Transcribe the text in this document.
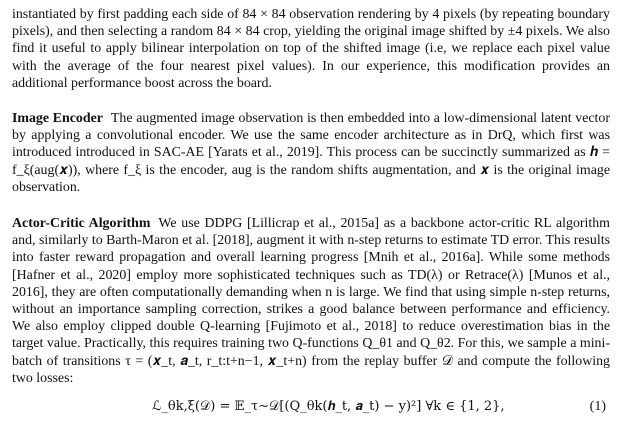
instantiated by first padding each side of 84 × 84 observation rendering by 4 pixels (by repeating boundary pixels), and then selecting a random 84 × 84 crop, yielding the original image shifted by ±4 pixels. We also find it useful to apply bilinear interpolation on top of the shifted image (i.e, we replace each pixel value with the average of the four nearest pixel values). In our experience, this modification provides an additional performance boost across the board.

Image Encoder The augmented image observation is then embedded into a low-dimensional latent vector by applying a convolutional encoder. We use the same encoder architecture as in DrQ, which first was introduced introduced in SAC-AE [Yarats et al., 2019]. This process can be succinctly summarized as 𝒉 = f_ξ(aug(𝒙)), where f_ξ is the encoder, aug is the random shifts augmentation, and 𝒙 is the original image observation.

Actor-Critic Algorithm We use DDPG [Lillicrap et al., 2015a] as a backbone actor-critic RL algorithm and, similarly to Barth-Maron et al. [2018], augment it with n-step returns to estimate TD error. This results into faster reward propagation and overall learning progress [Mnih et al., 2016a]. While some methods [Hafner et al., 2020] employ more sophisticated techniques such as TD(λ) or Retrace(λ) [Munos et al., 2016], they are often computationally demanding when n is large. We find that using simple n-step returns, without an importance sampling correction, strikes a good balance between performance and efficiency. We also employ clipped double Q-learning [Fujimoto et al., 2018] to reduce overestimation bias in the target value. Practically, this requires training two Q-functions Q_θ1 and Q_θ2. For this, we sample a mini-batch of transitions τ = (𝒙_t, 𝒂_t, r_t:t+n−1, 𝒙_t+n) from the replay buffer 𝒟 and compute the following two losses:

ℒ_θk,ξ(𝒟) = 𝔼_τ∼𝒟[(Q_θk(𝒉_t, 𝒂_t) − y)²] ∀k ∈ {1, 2},	(1)
